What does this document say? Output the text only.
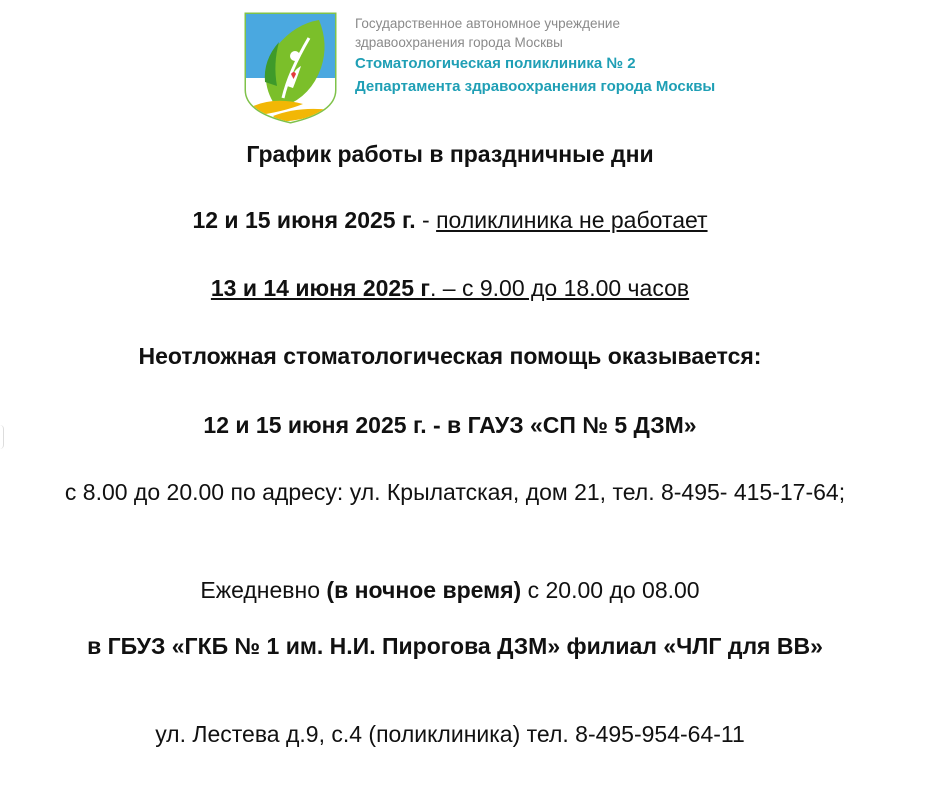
Государственное автономное учреждение
здравоохранения города Москвы
Стоматологическая поликлиника № 2
Департамента здравоохранения города Москвы
График работы в праздничные дни
12 и 15 июня 2025 г. - поликлиника не работает
13 и 14 июня 2025 г. – с 9.00 до 18.00 часов
Неотложная стоматологическая помощь оказывается:
12 и 15 июня 2025 г. - в ГАУЗ «СП № 5 ДЗМ»
с 8.00 до 20.00 по адресу: ул. Крылатская, дом 21, тел. 8-495- 415-17-64;
Ежедневно (в ночное время) с 20.00 до 08.00
в ГБУЗ «ГКБ № 1 им. Н.И. Пирогова ДЗМ» филиал «ЧЛГ для ВВ»
ул. Лестева д.9, с.4 (поликлиника) тел. 8-495-954-64-11
